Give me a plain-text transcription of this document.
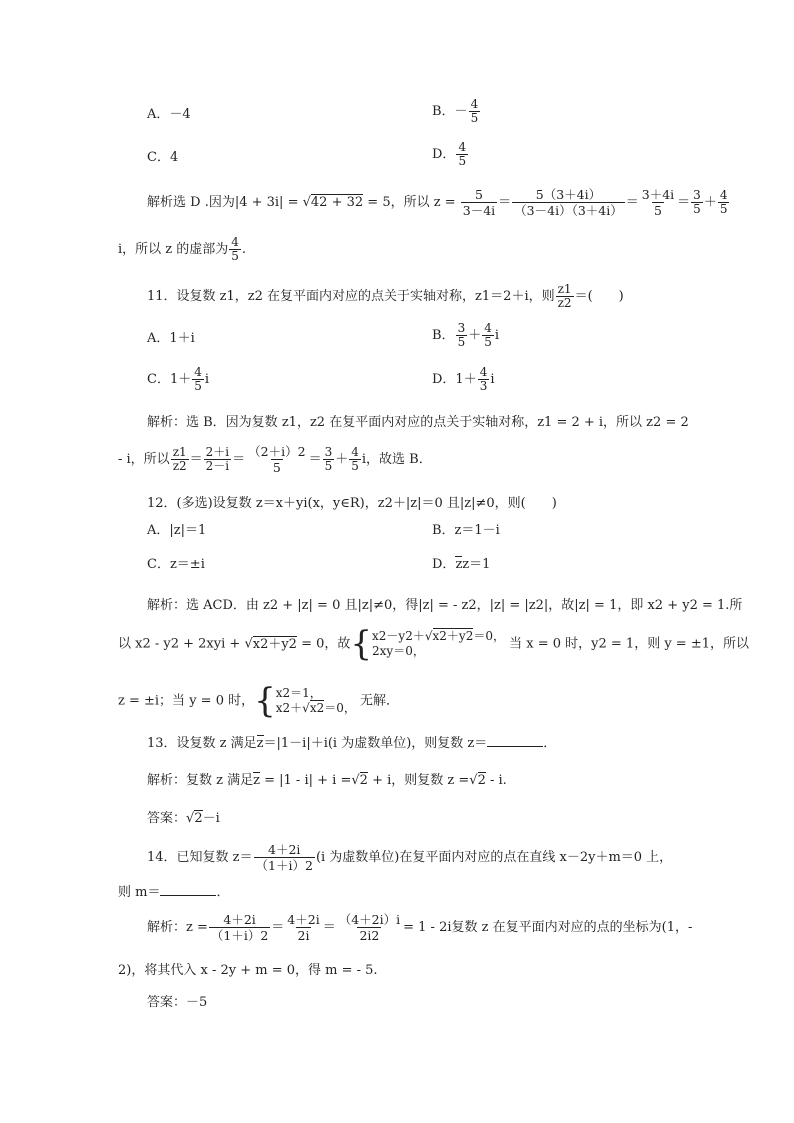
A．－4	B．－ $\frac{4}{5}$
C．4	D． $\frac{4}{5}$
解析选 D .因为|4 + 3i| = √42 + 32 = 5，所以 $z = \frac{5}{3-4i} = \frac{5(3+4i)}{(3-4i)(3+4i)} = \frac{3+4i}{5} = \frac{3}{5} + \frac{4}{5}$
i，所以 z 的虚部为 $\frac{4}{5}$ .
11．设复数 z1，z2 在复平面内对应的点关于实轴对称，z1＝2＋i，则 $\frac{z1}{z2}$ ＝(　　)
A．1＋i	B． $\frac{3}{5} + \frac{4}{5}$ i
C．$1+ \frac{4}{5}$ i	D．$1+ \frac{4}{3}$ i
解析：选 B．因为复数 z1，z2 在复平面内对应的点关于实轴对称，z1 = 2 + i，所以 z2 = 2
- i，所以 $\frac{z1}{z2} = \frac{2+i}{2-i} = \frac{(2+i)2}{5} = \frac{3}{5} + \frac{4}{5}$ i，故选 B．
12．(多选)设复数 z＝x＋yi(x，y∈R)，z2＋|z|＝0 且|z|≠0，则(　　)
A．|z|＝1	B．z＝1－i
C．z＝±i	D．zz＝1
解析：选 ACD．由 z2 + |z| = 0 且|z|≠0，得|z| = - z2，|z| = |z2|，故|z| = 1，即 x2 + y2 = 1.所
以 x2 - y2 + 2xyi + √x2＋y2 = 0，故{ x2－y2＋√x2＋y2＝0，
2xy＝0，	当 x = 0 时，y2 = 1，则 y = ±1，所以
z = ±i；当 y = 0 时，{ x2＝1，
x2＋√x2＝0， 无解．
13．设复数 z 满足z＝|1－i|＋i(i 为虚数单位)，则复数 z＝	．
解析：复数 z 满足z = |1 - i| + i =√2 + i，则复数 z =√2 - i.
答案：√2－i
14．已知复数 $z= \frac{4+2i}{(1+i)2} (i$ 为虚数单位)在复平面内对应的点在直线 x－2y＋m＝0 上，
则 m＝	．
解析：$z = \frac{4+2i}{(1+i)2} = \frac{4+2i}{2i} = \frac{(4+2i)i}{2i2} = 1 - 2i$复数 z 在复平面内对应的点的坐标为(1，-
2)，将其代入 x - 2y + m = 0，得 m = - 5.
答案：－5
